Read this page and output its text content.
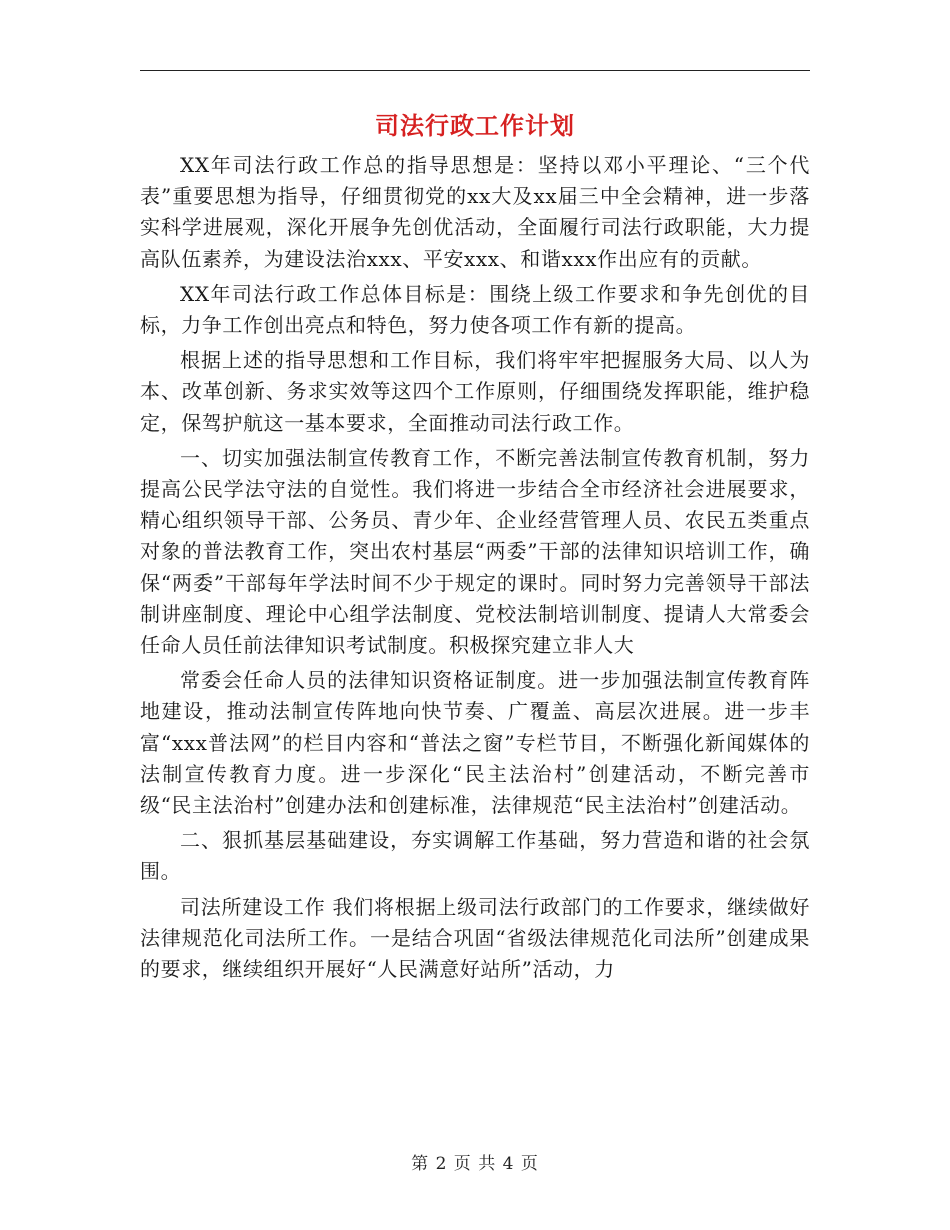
司法行政工作计划

XX年司法行政工作总的指导思想是：坚持以邓小平理论、“三个代表”重要思想为指导，仔细贯彻党的xx大及xx届三中全会精神，进一步落实科学进展观，深化开展争先创优活动，全面履行司法行政职能，大力提高队伍素养，为建设法治xxx、平安xxx、和谐xxx作出应有的贡献。

XX年司法行政工作总体目标是：围绕上级工作要求和争先创优的目标，力争工作创出亮点和特色，努力使各项工作有新的提高。

根据上述的指导思想和工作目标，我们将牢牢把握服务大局、以人为本、改革创新、务求实效等这四个工作原则，仔细围绕发挥职能，维护稳定，保驾护航这一基本要求，全面推动司法行政工作。

一、切实加强法制宣传教育工作，不断完善法制宣传教育机制，努力提高公民学法守法的自觉性。我们将进一步结合全市经济社会进展要求，精心组织领导干部、公务员、青少年、企业经营管理人员、农民五类重点对象的普法教育工作，突出农村基层“两委”干部的法律知识培训工作，确保“两委”干部每年学法时间不少于规定的课时。同时努力完善领导干部法制讲座制度、理论中心组学法制度、党校法制培训制度、提请人大常委会任命人员任前法律知识考试制度。积极探究建立非人大

常委会任命人员的法律知识资格证制度。进一步加强法制宣传教育阵地建设，推动法制宣传阵地向快节奏、广覆盖、高层次进展。进一步丰富“xxx普法网”的栏目内容和“普法之窗”专栏节目，不断强化新闻媒体的法制宣传教育力度。进一步深化“民主法治村”创建活动，不断完善市级“民主法治村”创建办法和创建标准，法律规范“民主法治村”创建活动。

二、狠抓基层基础建设，夯实调解工作基础，努力营造和谐的社会氛围。

司法所建设工作 我们将根据上级司法行政部门的工作要求，继续做好法律规范化司法所工作。一是结合巩固“省级法律规范化司法所”创建成果的要求，继续组织开展好“人民满意好站所”活动，力

第 2 页 共 4 页
